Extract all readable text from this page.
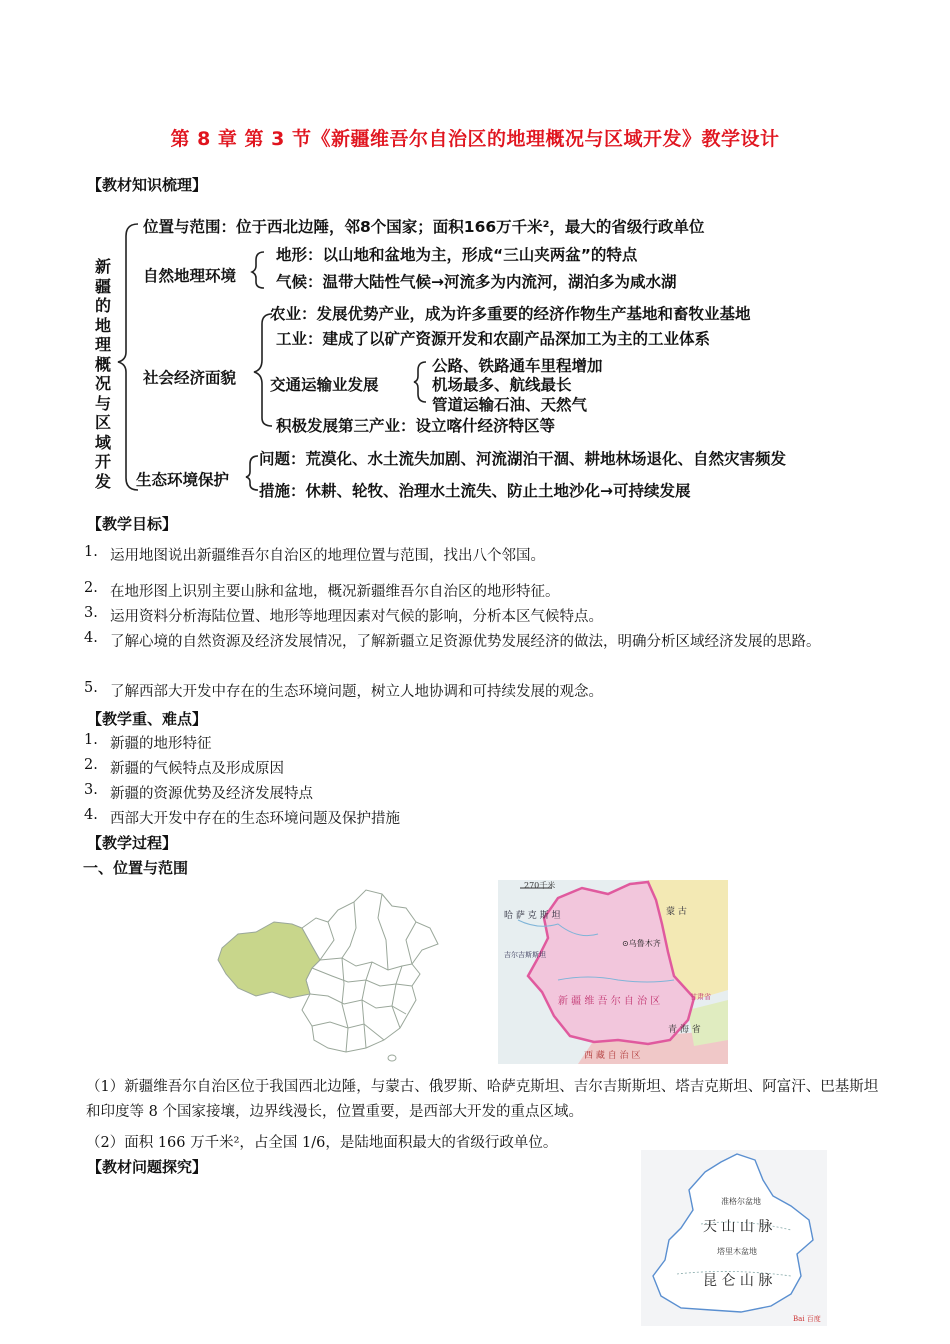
第 8 章 第 3 节《新疆维吾尔自治区的地理概况与区域开发》教学设计
【教材知识梳理】
新疆的地理概况与区域开发
位置与范围：位于西北边陲，邻8个国家；面积166万千米²，最大的省级行政单位
自然地理环境
地形：以山地和盆地为主，形成“三山夹两盆”的特点
气候：温带大陆性气候→河流多为内流河，湖泊多为咸水湖
社会经济面貌
农业：发展优势产业，成为许多重要的经济作物生产基地和畜牧业基地
工业：建成了以矿产资源开发和农副产品深加工为主的工业体系
交通运输业发展
公路、铁路通车里程增加
机场最多、航线最长
管道运输石油、天然气
积极发展第三产业：设立喀什经济特区等
生态环境保护
问题：荒漠化、水土流失加剧、河流湖泊干涸、耕地林场退化、自然灾害频发
措施：休耕、轮牧、治理水土流失、防止土地沙化→可持续发展
【教学目标】
1. 运用地图说出新疆维吾尔自治区的地理位置与范围，找出八个邻国。
2. 在地形图上识别主要山脉和盆地，概况新疆维吾尔自治区的地形特征。
3. 运用资料分析海陆位置、地形等地理因素对气候的影响，分析本区气候特点。
4. 了解心境的自然资源及经济发展情况，了解新疆立足资源优势发展经济的做法，明确分析区域经济发展的思路。
5. 了解西部大开发中存在的生态环境问题，树立人地协调和可持续发展的观念。
【教学重、难点】
1. 新疆的地形特征
2. 新疆的气候特点及形成原因
3. 新疆的资源优势及经济发展特点
4. 西部大开发中存在的生态环境问题及保护措施
【教学过程】
一、位置与范围
270千米
哈 萨 克 斯 坦	蒙 古
⊙乌鲁木齐
新 疆 维 吾 尔 自 治 区	甘肃省
青 海 省
西 藏 自 治 区
吉尔吉斯斯坦
（1）新疆维吾尔自治区位于我国西北边陲，与蒙古、俄罗斯、哈萨克斯坦、吉尔吉斯斯坦、塔吉克斯坦、阿富汗、巴基斯坦和印度等 8 个国家接壤，边界线漫长，位置重要，是西部大开发的重点区域。
（2）面积 166 万千米²，占全国 1/6，是陆地面积最大的省级行政单位。
【教材问题探究】
准格尔盆地
天 山 山 脉
塔里木盆地
昆 仑 山 脉
Bai 百度
